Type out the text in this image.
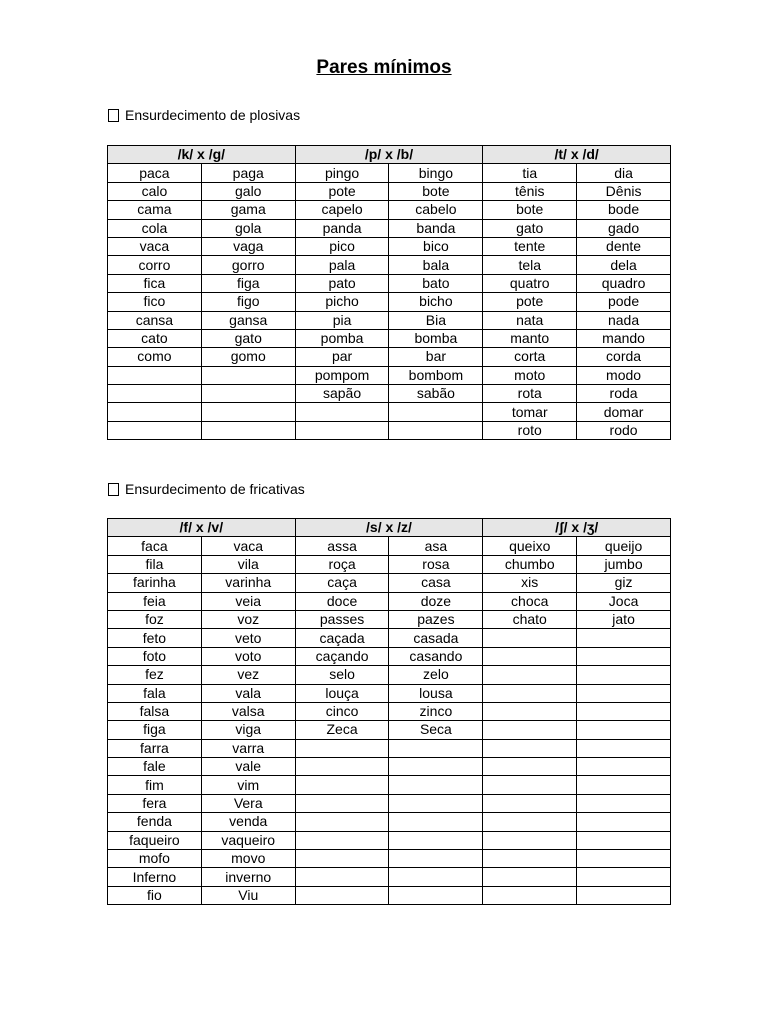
Pares mínimos
Ensurdecimento de plosivas
/k/ x /g/		/p/ x /b/		/t/ x /d/	
paca	paga	pingo	bingo	tia	dia
calo	galo	pote	bote	tênis	Dênis
cama	gama	capelo	cabelo	bote	bode
cola	gola	panda	banda	gato	gado
vaca	vaga	pico	bico	tente	dente
corro	gorro	pala	bala	tela	dela
fica	figa	pato	bato	quatro	quadro
fico	figo	picho	bicho	pote	pode
cansa	gansa	pia	Bia	nata	nada
cato	gato	pomba	bomba	manto	mando
como	gomo	par	bar	corta	corda
		pompom	bombom	moto	modo
		sapão	sabão	rota	roda
				tomar	domar
				roto	rodo
Ensurdecimento de fricativas
/f/ x /v/		/s/ x /z/		/ʃ/ x /ʒ/	
faca	vaca	assa	asa	queixo	queijo
fila	vila	roça	rosa	chumbo	jumbo
farinha	varinha	caça	casa	xis	giz
feia	veia	doce	doze	choca	Joca
foz	voz	passes	pazes	chato	jato
feto	veto	caçada	casada		
foto	voto	caçando	casando		
fez	vez	selo	zelo		
fala	vala	louça	lousa		
falsa	valsa	cinco	zinco		
figa	viga	Zeca	Seca		
farra	varra				
fale	vale				
fim	vim				
fera	Vera				
fenda	venda				
faqueiro	vaqueiro				
mofo	movo				
Inferno	inverno				
fio	Viu				
